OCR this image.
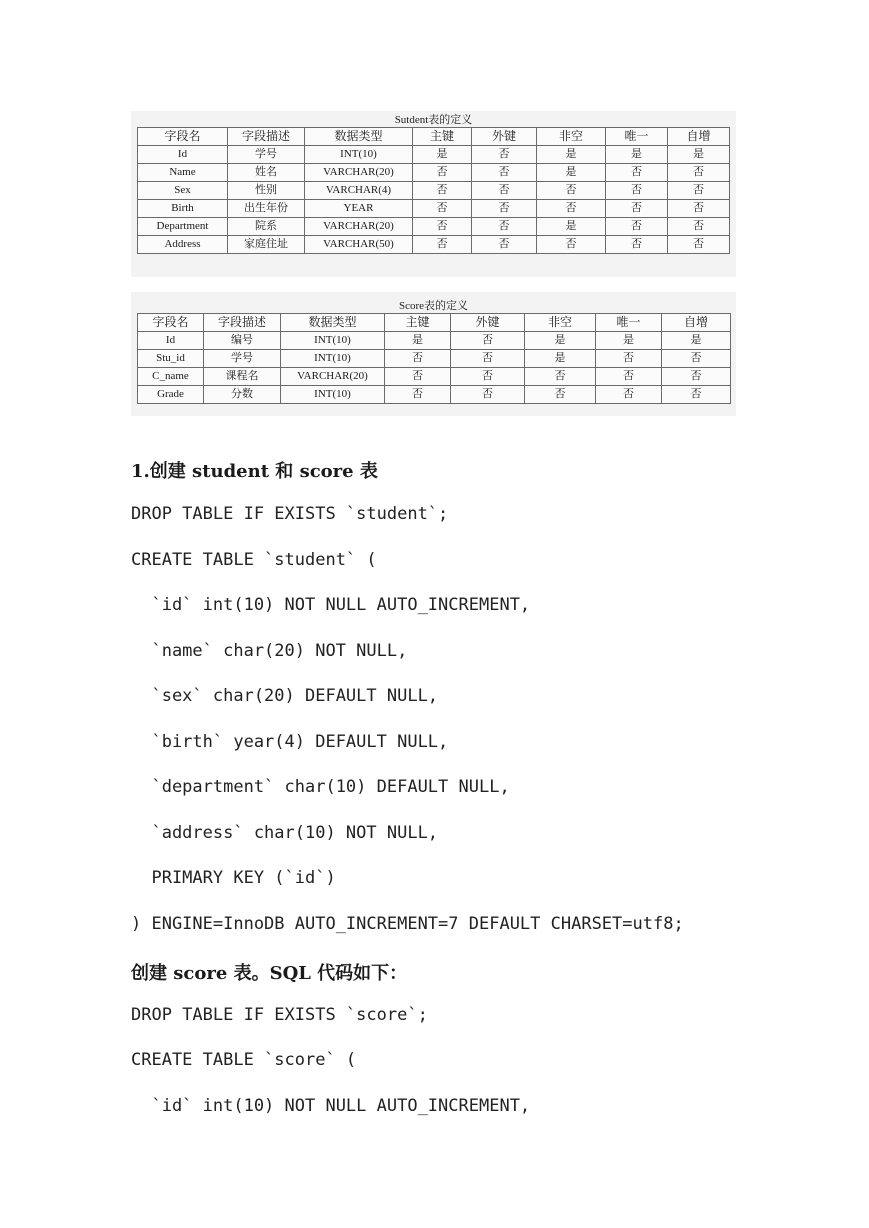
Sutdent表的定义
字段名	字段描述	数据类型	主键	外键	非空	唯一	自增
Id	学号	INT(10)	是	否	是	是	是
Name	姓名	VARCHAR(20)	否	否	是	否	否
Sex	性别	VARCHAR(4)	否	否	否	否	否
Birth	出生年份	YEAR	否	否	否	否	否
Department	院系	VARCHAR(20)	否	否	是	否	否
Address	家庭住址	VARCHAR(50)	否	否	否	否	否
Score表的定义
字段名	字段描述	数据类型	主键	外键	非空	唯一	自增
Id	编号	INT(10)	是	否	是	是	是
Stu_id	学号	INT(10)	否	否	是	否	否
C_name	课程名	VARCHAR(20)	否	否	否	否	否
Grade	分数	INT(10)	否	否	否	否	否
1.创建 student 和 score 表
DROP TABLE IF EXISTS `student`;
CREATE TABLE `student` (
`id` int(10) NOT NULL AUTO_INCREMENT,
`name` char(20) NOT NULL,
`sex` char(20) DEFAULT NULL,
`birth` year(4) DEFAULT NULL,
`department` char(10) DEFAULT NULL,
`address` char(10) NOT NULL,
PRIMARY KEY (`id`)
) ENGINE=InnoDB AUTO_INCREMENT=7 DEFAULT CHARSET=utf8;
创建 score 表。SQL 代码如下：
DROP TABLE IF EXISTS `score`;
CREATE TABLE `score` (
`id` int(10) NOT NULL AUTO_INCREMENT,
